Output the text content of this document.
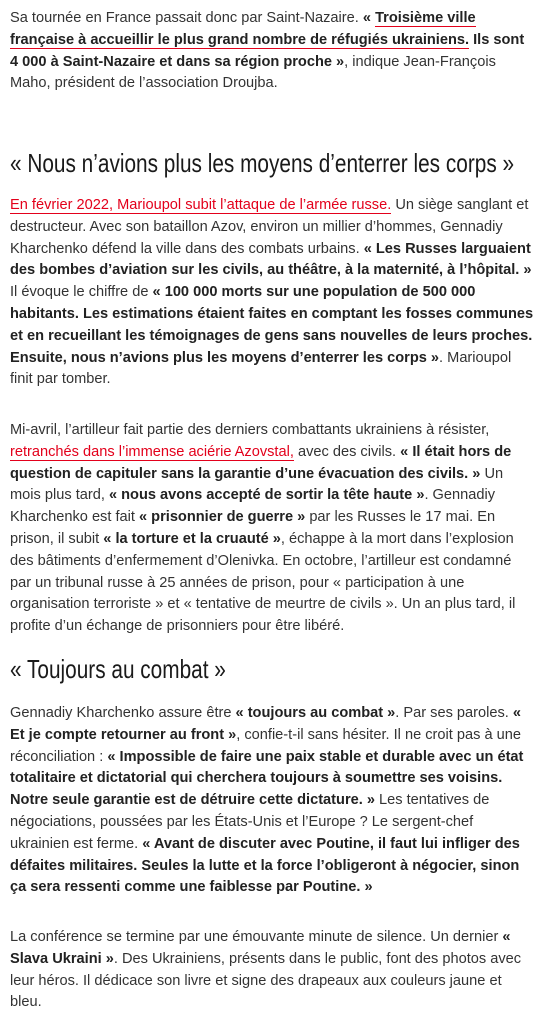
Sa tournée en France passait donc par Saint-Nazaire. « Troisième ville française à accueillir le plus grand nombre de réfugiés ukrainiens. Ils sont 4 000 à Saint-Nazaire et dans sa région proche », indique Jean-François Maho, président de l’association Droujba.

« Nous n’avions plus les moyens d’enterrer les corps »

En février 2022, Marioupol subit l’attaque de l’armée russe. Un siège sanglant et destructeur. Avec son bataillon Azov, environ un millier d’hommes, Gennadiy Kharchenko défend la ville dans des combats urbains. « Les Russes larguaient des bombes d’aviation sur les civils, au théâtre, à la maternité, à l’hôpital. » Il évoque le chiffre de « 100 000 morts sur une population de 500 000 habitants. Les estimations étaient faites en comptant les fosses communes et en recueillant les témoignages de gens sans nouvelles de leurs proches. Ensuite, nous n’avions plus les moyens d’enterrer les corps ». Marioupol finit par tomber.

Mi-avril, l’artilleur fait partie des derniers combattants ukrainiens à résister, retranchés dans l’immense aciérie Azovstal, avec des civils. « Il était hors de question de capituler sans la garantie d’une évacuation des civils. » Un mois plus tard, « nous avons accepté de sortir la tête haute ». Gennadiy Kharchenko est fait « prisonnier de guerre » par les Russes le 17 mai. En prison, il subit « la torture et la cruauté », échappe à la mort dans l’explosion des bâtiments d’enfermement d’Olenivka. En octobre, l’artilleur est condamné par un tribunal russe à 25 années de prison, pour « participation à une organisation terroriste » et « tentative de meurtre de civils ». Un an plus tard, il profite d’un échange de prisonniers pour être libéré.

« Toujours au combat »

Gennadiy Kharchenko assure être « toujours au combat ». Par ses paroles. « Et je compte retourner au front », confie-t-il sans hésiter. Il ne croit pas à une réconciliation : « Impossible de faire une paix stable et durable avec un état totalitaire et dictatorial qui cherchera toujours à soumettre ses voisins. Notre seule garantie est de détruire cette dictature. » Les tentatives de négociations, poussées par les États-Unis et l’Europe ? Le sergent-chef ukrainien est ferme. « Avant de discuter avec Poutine, il faut lui infliger des défaites militaires. Seules la lutte et la force l’obligeront à négocier, sinon ça sera ressenti comme une faiblesse par Poutine. »

La conférence se termine par une émouvante minute de silence. Un dernier « Slava Ukraini ». Des Ukrainiens, présents dans le public, font des photos avec leur héros. Il dédicace son livre et signe des drapeaux aux couleurs jaune et bleu.
